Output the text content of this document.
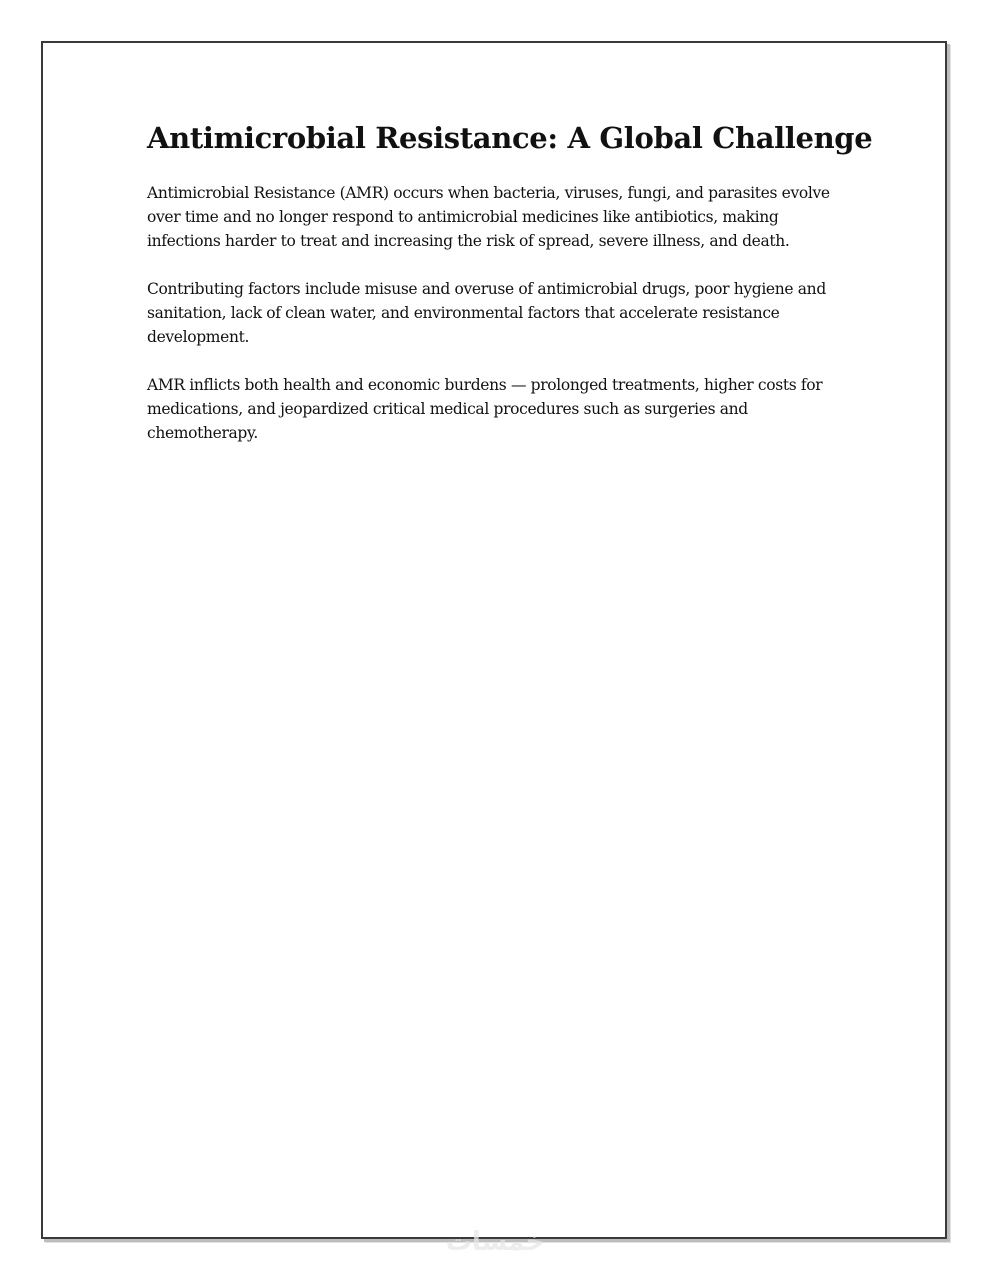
Antimicrobial Resistance: A Global Challenge

Antimicrobial Resistance (AMR) occurs when bacteria, viruses, fungi, and parasites evolve over time and no longer respond to antimicrobial medicines like antibiotics, making infections harder to treat and increasing the risk of spread, severe illness, and death.

Contributing factors include misuse and overuse of antimicrobial drugs, poor hygiene and sanitation, lack of clean water, and environmental factors that accelerate resistance development.

AMR inflicts both health and economic burdens — prolonged treatments, higher costs for medications, and jeopardized critical medical procedures such as surgeries and chemotherapy.

خمسات
